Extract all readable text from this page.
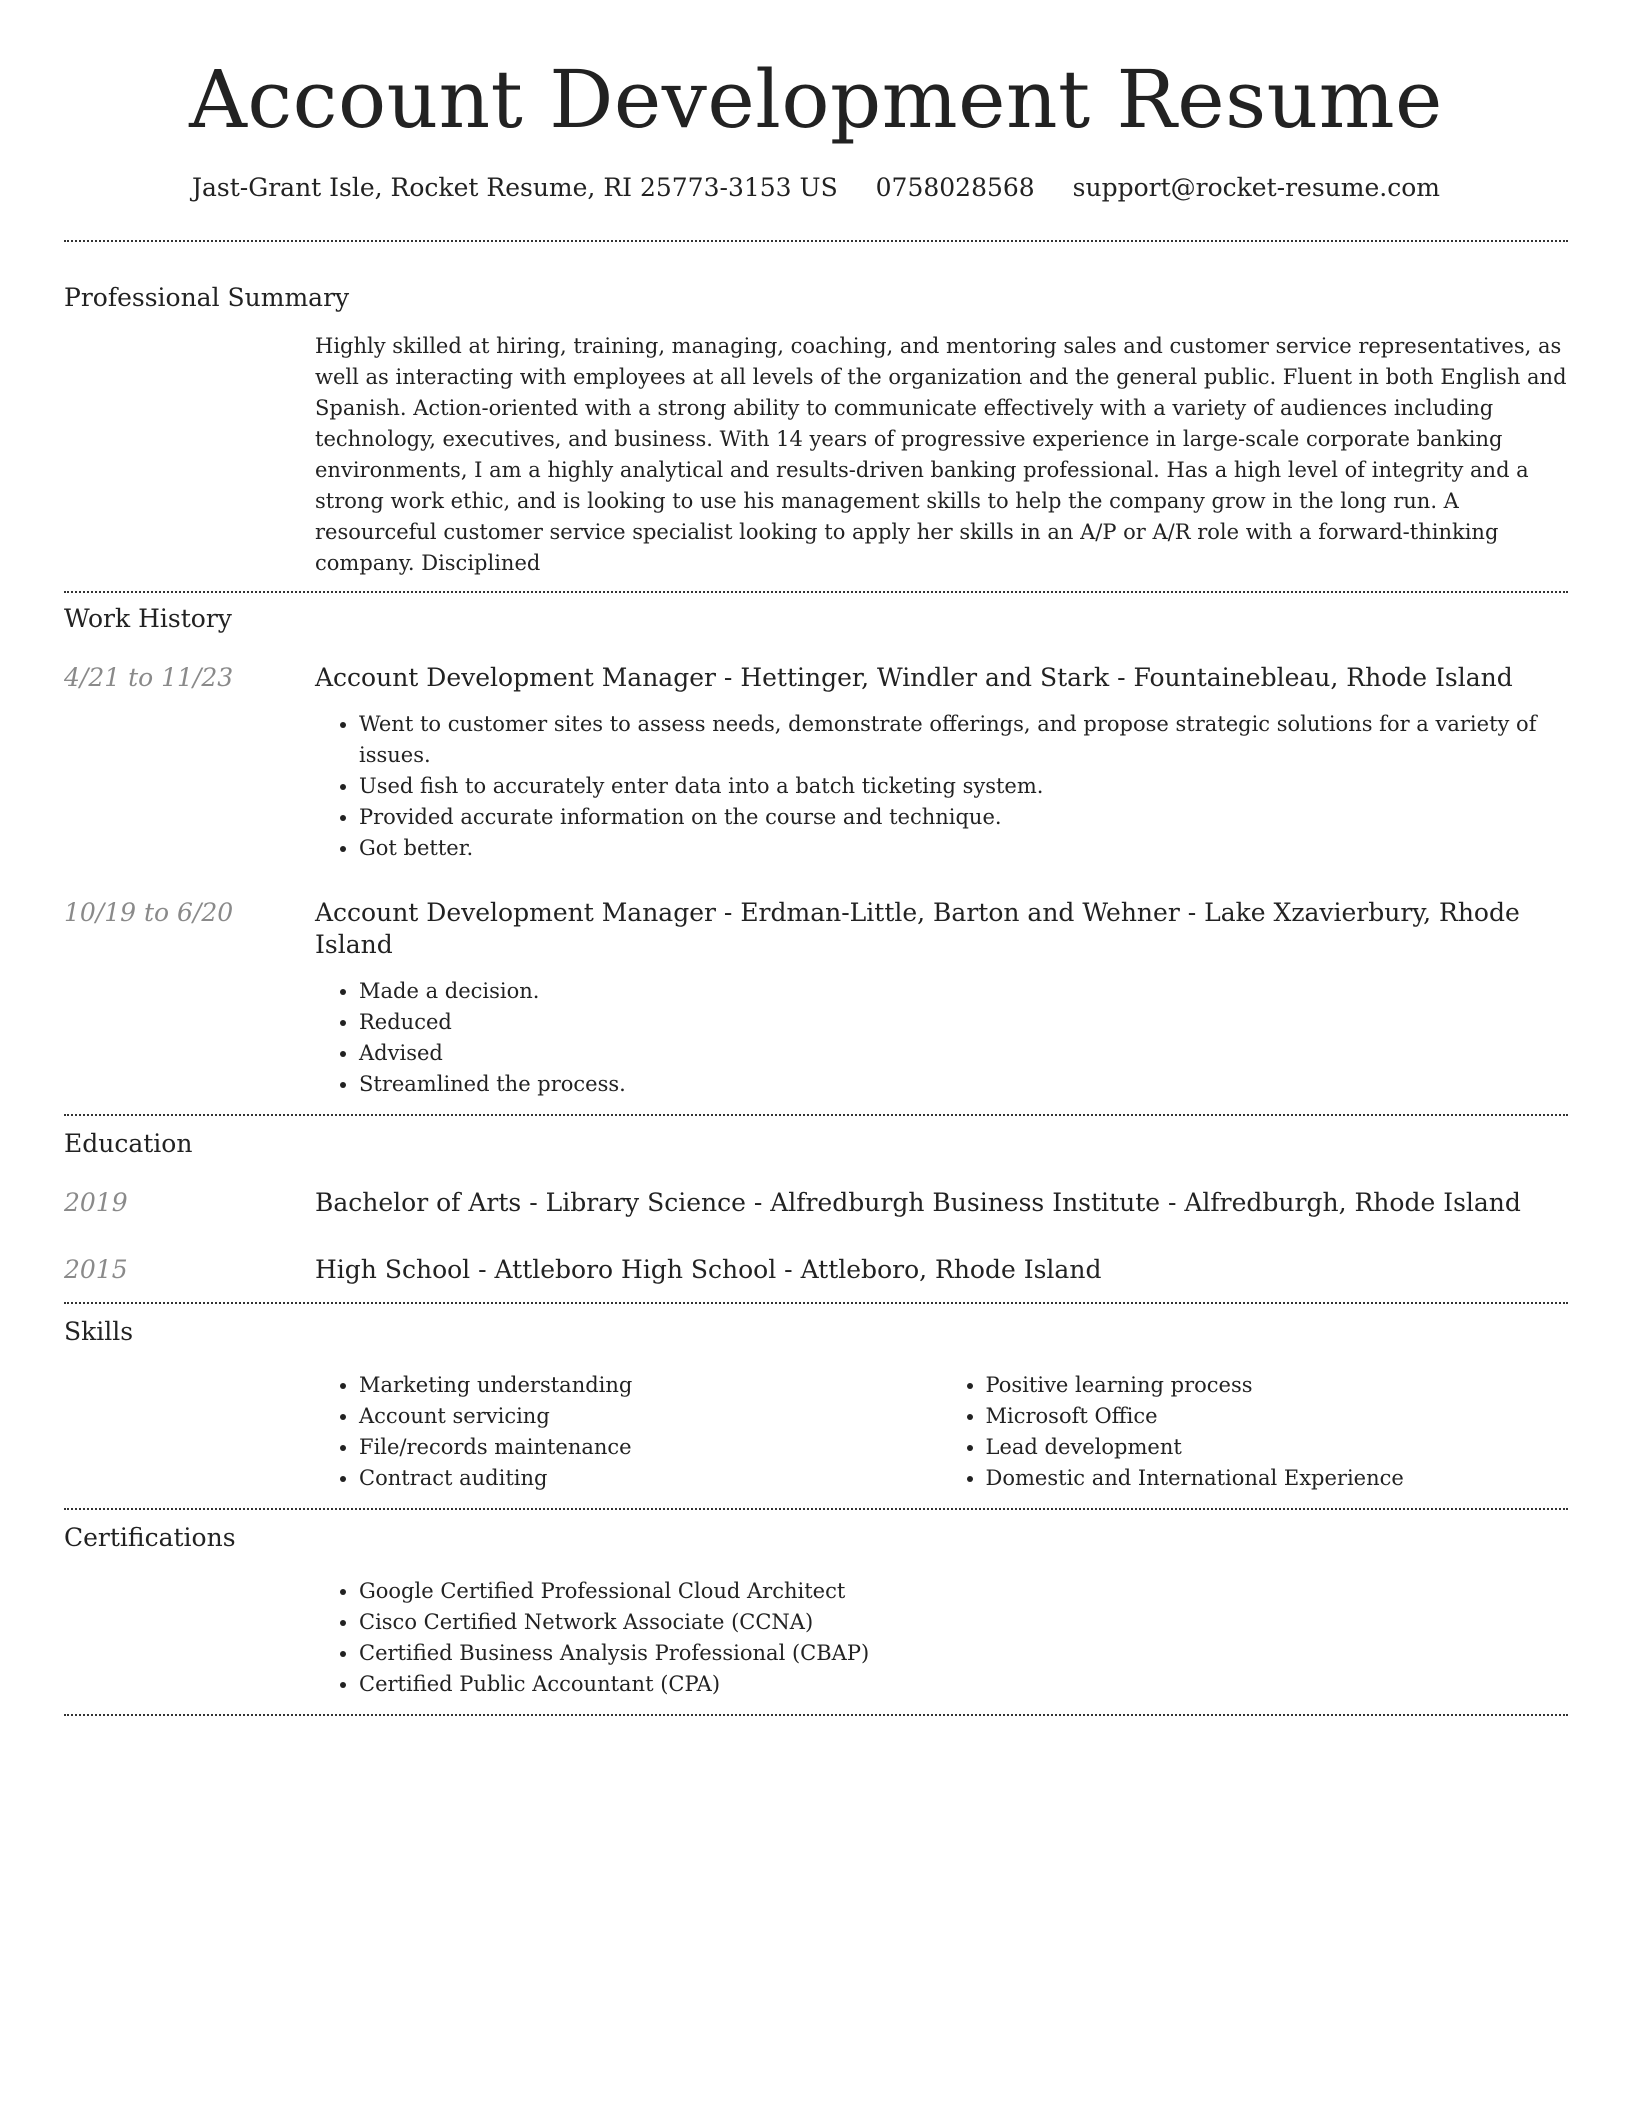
Account Development Resume
Jast-Grant Isle, Rocket Resume, RI 25773-3153 US 0758028568 support@rocket-resume.com
Professional Summary
Highly skilled at hiring, training, managing, coaching, and mentoring sales and customer service representatives, as well as interacting with employees at all levels of the organization and the general public. Fluent in both English and Spanish. Action-oriented with a strong ability to communicate effectively with a variety of audiences including technology, executives, and business. With 14 years of progressive experience in large-scale corporate banking environments, I am a highly analytical and results-driven banking professional. Has a high level of integrity and a strong work ethic, and is looking to use his management skills to help the company grow in the long run. A resourceful customer service specialist looking to apply her skills in an A/P or A/R role with a forward-thinking company. Disciplined
Work History
4/21 to 11/23	Account Development Manager - Hettinger, Windler and Stark - Fountainebleau, Rhode Island
• Went to customer sites to assess needs, demonstrate offerings, and propose strategic solutions for a variety of issues.
• Used fish to accurately enter data into a batch ticketing system.
• Provided accurate information on the course and technique.
• Got better.
10/19 to 6/20	Account Development Manager - Erdman-Little, Barton and Wehner - Lake Xzavierbury, Rhode Island
• Made a decision.
• Reduced
• Advised
• Streamlined the process.
Education
2019	Bachelor of Arts - Library Science - Alfredburgh Business Institute - Alfredburgh, Rhode Island
2015	High School - Attleboro High School - Attleboro, Rhode Island
Skills
• Marketing understanding
• Account servicing
• File/records maintenance
• Contract auditing
• Positive learning process
• Microsoft Office
• Lead development
• Domestic and International Experience
Certifications
• Google Certified Professional Cloud Architect
• Cisco Certified Network Associate (CCNA)
• Certified Business Analysis Professional (CBAP)
• Certified Public Accountant (CPA)
